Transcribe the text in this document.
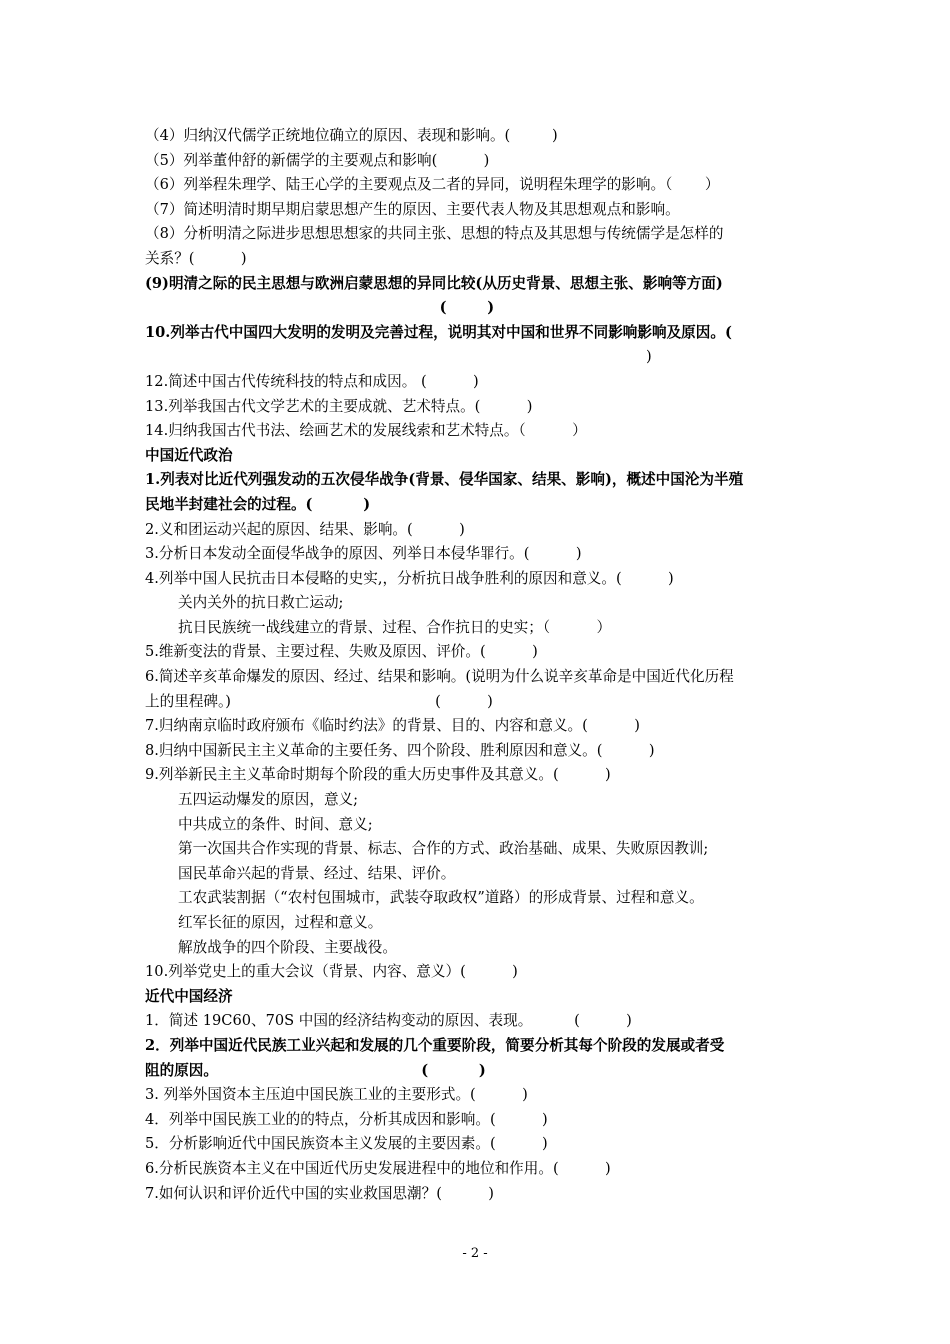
（4）归纳汉代儒学正统地位确立的原因、表现和影响。(         )
（5）列举董仲舒的新儒学的主要观点和影响(          )
（6）列举程朱理学、陆王心学的主要观点及二者的异同，说明程朱理学的影响。（       ）
（7）简述明清时期早期启蒙思想产生的原因、主要代表人物及其思想观点和影响。
（8）分析明清之际进步思想思想家的共同主张、思想的特点及其思想与传统儒学是怎样的
关系？(          )
(9)明清之际的民主思想与欧洲启蒙思想的异同比较(从历史背景、思想主张、影响等方面)
(        )
10.列举古代中国四大发明的发明及完善过程，说明其对中国和世界不同影响影响及原因。(
)
12.简述中国古代传统科技的特点和成因。 (          )
13.列举我国古代文学艺术的主要成就、艺术特点。(          )
14.归纳我国古代书法、绘画艺术的发展线索和艺术特点。（          ）
中国近代政治
1.列表对比近代列强发动的五次侵华战争(背景、侵华国家、结果、影响)，概述中国沦为半殖
民地半封建社会的过程。(          )
2.义和团运动兴起的原因、结果、影响。(          )
3.分析日本发动全面侵华战争的原因、列举日本侵华罪行。(          )
4.列举中国人民抗击日本侵略的史实,，分析抗日战争胜利的原因和意义。(          )
关内关外的抗日救亡运动;
抗日民族统一战线建立的背景、过程、合作抗日的史实；（          ）
5.维新变法的背景、主要过程、失败及原因、评价。(          )
6.简述辛亥革命爆发的原因、经过、结果和影响。(说明为什么说辛亥革命是中国近代化历程
上的里程碑。)                                            (          )
7.归纳南京临时政府颁布《临时约法》的背景、目的、内容和意义。(          )
8.归纳中国新民主主义革命的主要任务、四个阶段、胜利原因和意义。(          )
9.列举新民主主义革命时期每个阶段的重大历史事件及其意义。(          )
五四运动爆发的原因，意义;
中共成立的条件、时间、意义;
第一次国共合作实现的背景、标志、合作的方式、政治基础、成果、失败原因教训;
国民革命兴起的背景、经过、结果、评价。
工农武装割据（“农村包围城市，武装夺取政权”道路）的形成背景、过程和意义。
红军长征的原因，过程和意义。
解放战争的四个阶段、主要战役。
10.列举党史上的重大会议（背景、内容、意义）(          )
近代中国经济
1．简述 19C60、70S 中国的经济结构变动的原因、表现。         (          )
2．列举中国近代民族工业兴起和发展的几个重要阶段，简要分析其每个阶段的发展或者受
阻的原因。                                        (          )
3. 列举外国资本主压迫中国民族工业的主要形式。(          )
4．列举中国民族工业的的特点，分析其成因和影响。(          )
5．分析影响近代中国民族资本主义发展的主要因素。(          )
6.分析民族资本主义在中国近代历史发展进程中的地位和作用。(          )
7.如何认识和评价近代中国的实业救国思潮？(          )
- 2 -
